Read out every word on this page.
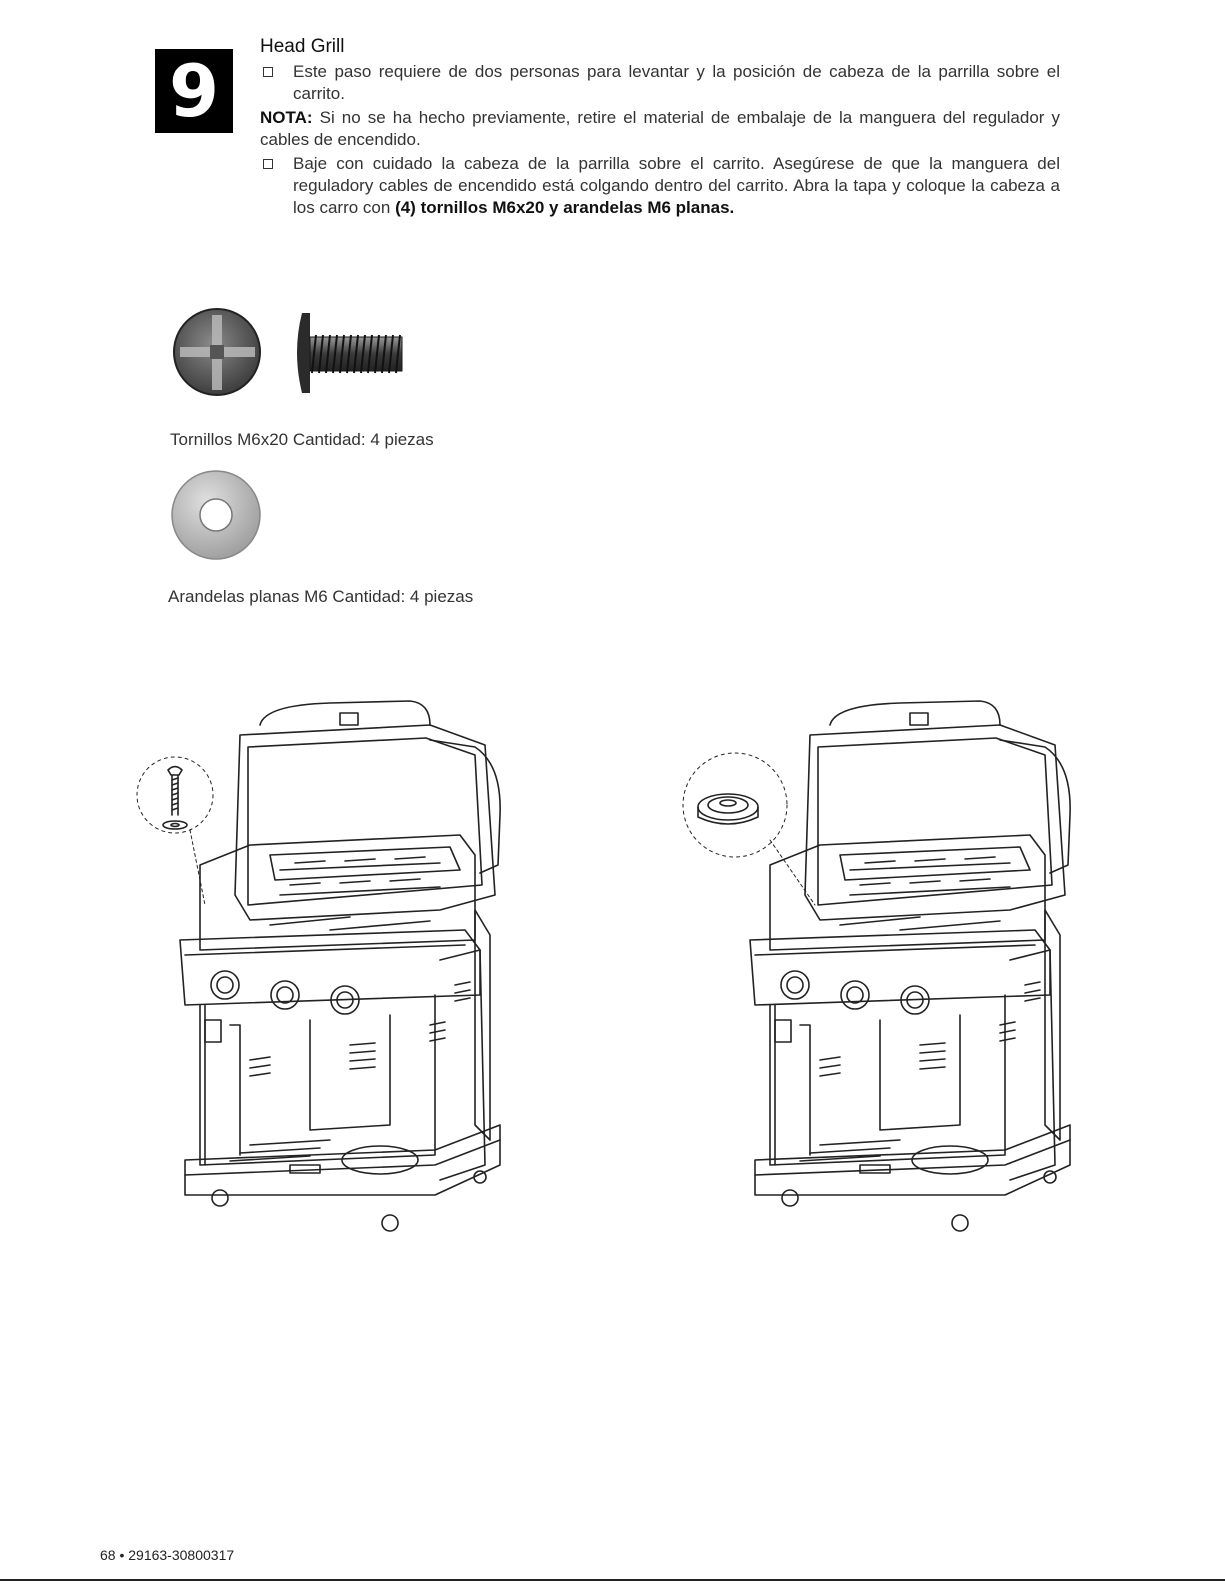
9
Head Grill
Este paso requiere de dos personas para levantar y la posición de cabeza de la parrilla sobre el carrito.
NOTA: Si no se ha hecho previamente, retire el material de embalaje de la manguera del regulador y cables de encendido.
Baje con cuidado la cabeza de la parrilla sobre el carrito. Asegúrese de que la manguera del reguladory cables de encendido está colgando dentro del carrito. Abra la tapa y coloque la cabeza a los carro con (4) tornillos M6x20 y arandelas M6 planas.
Tornillos M6x20 Cantidad: 4 piezas
Arandelas planas M6 Cantidad: 4 piezas
68 • 29163-30800317
